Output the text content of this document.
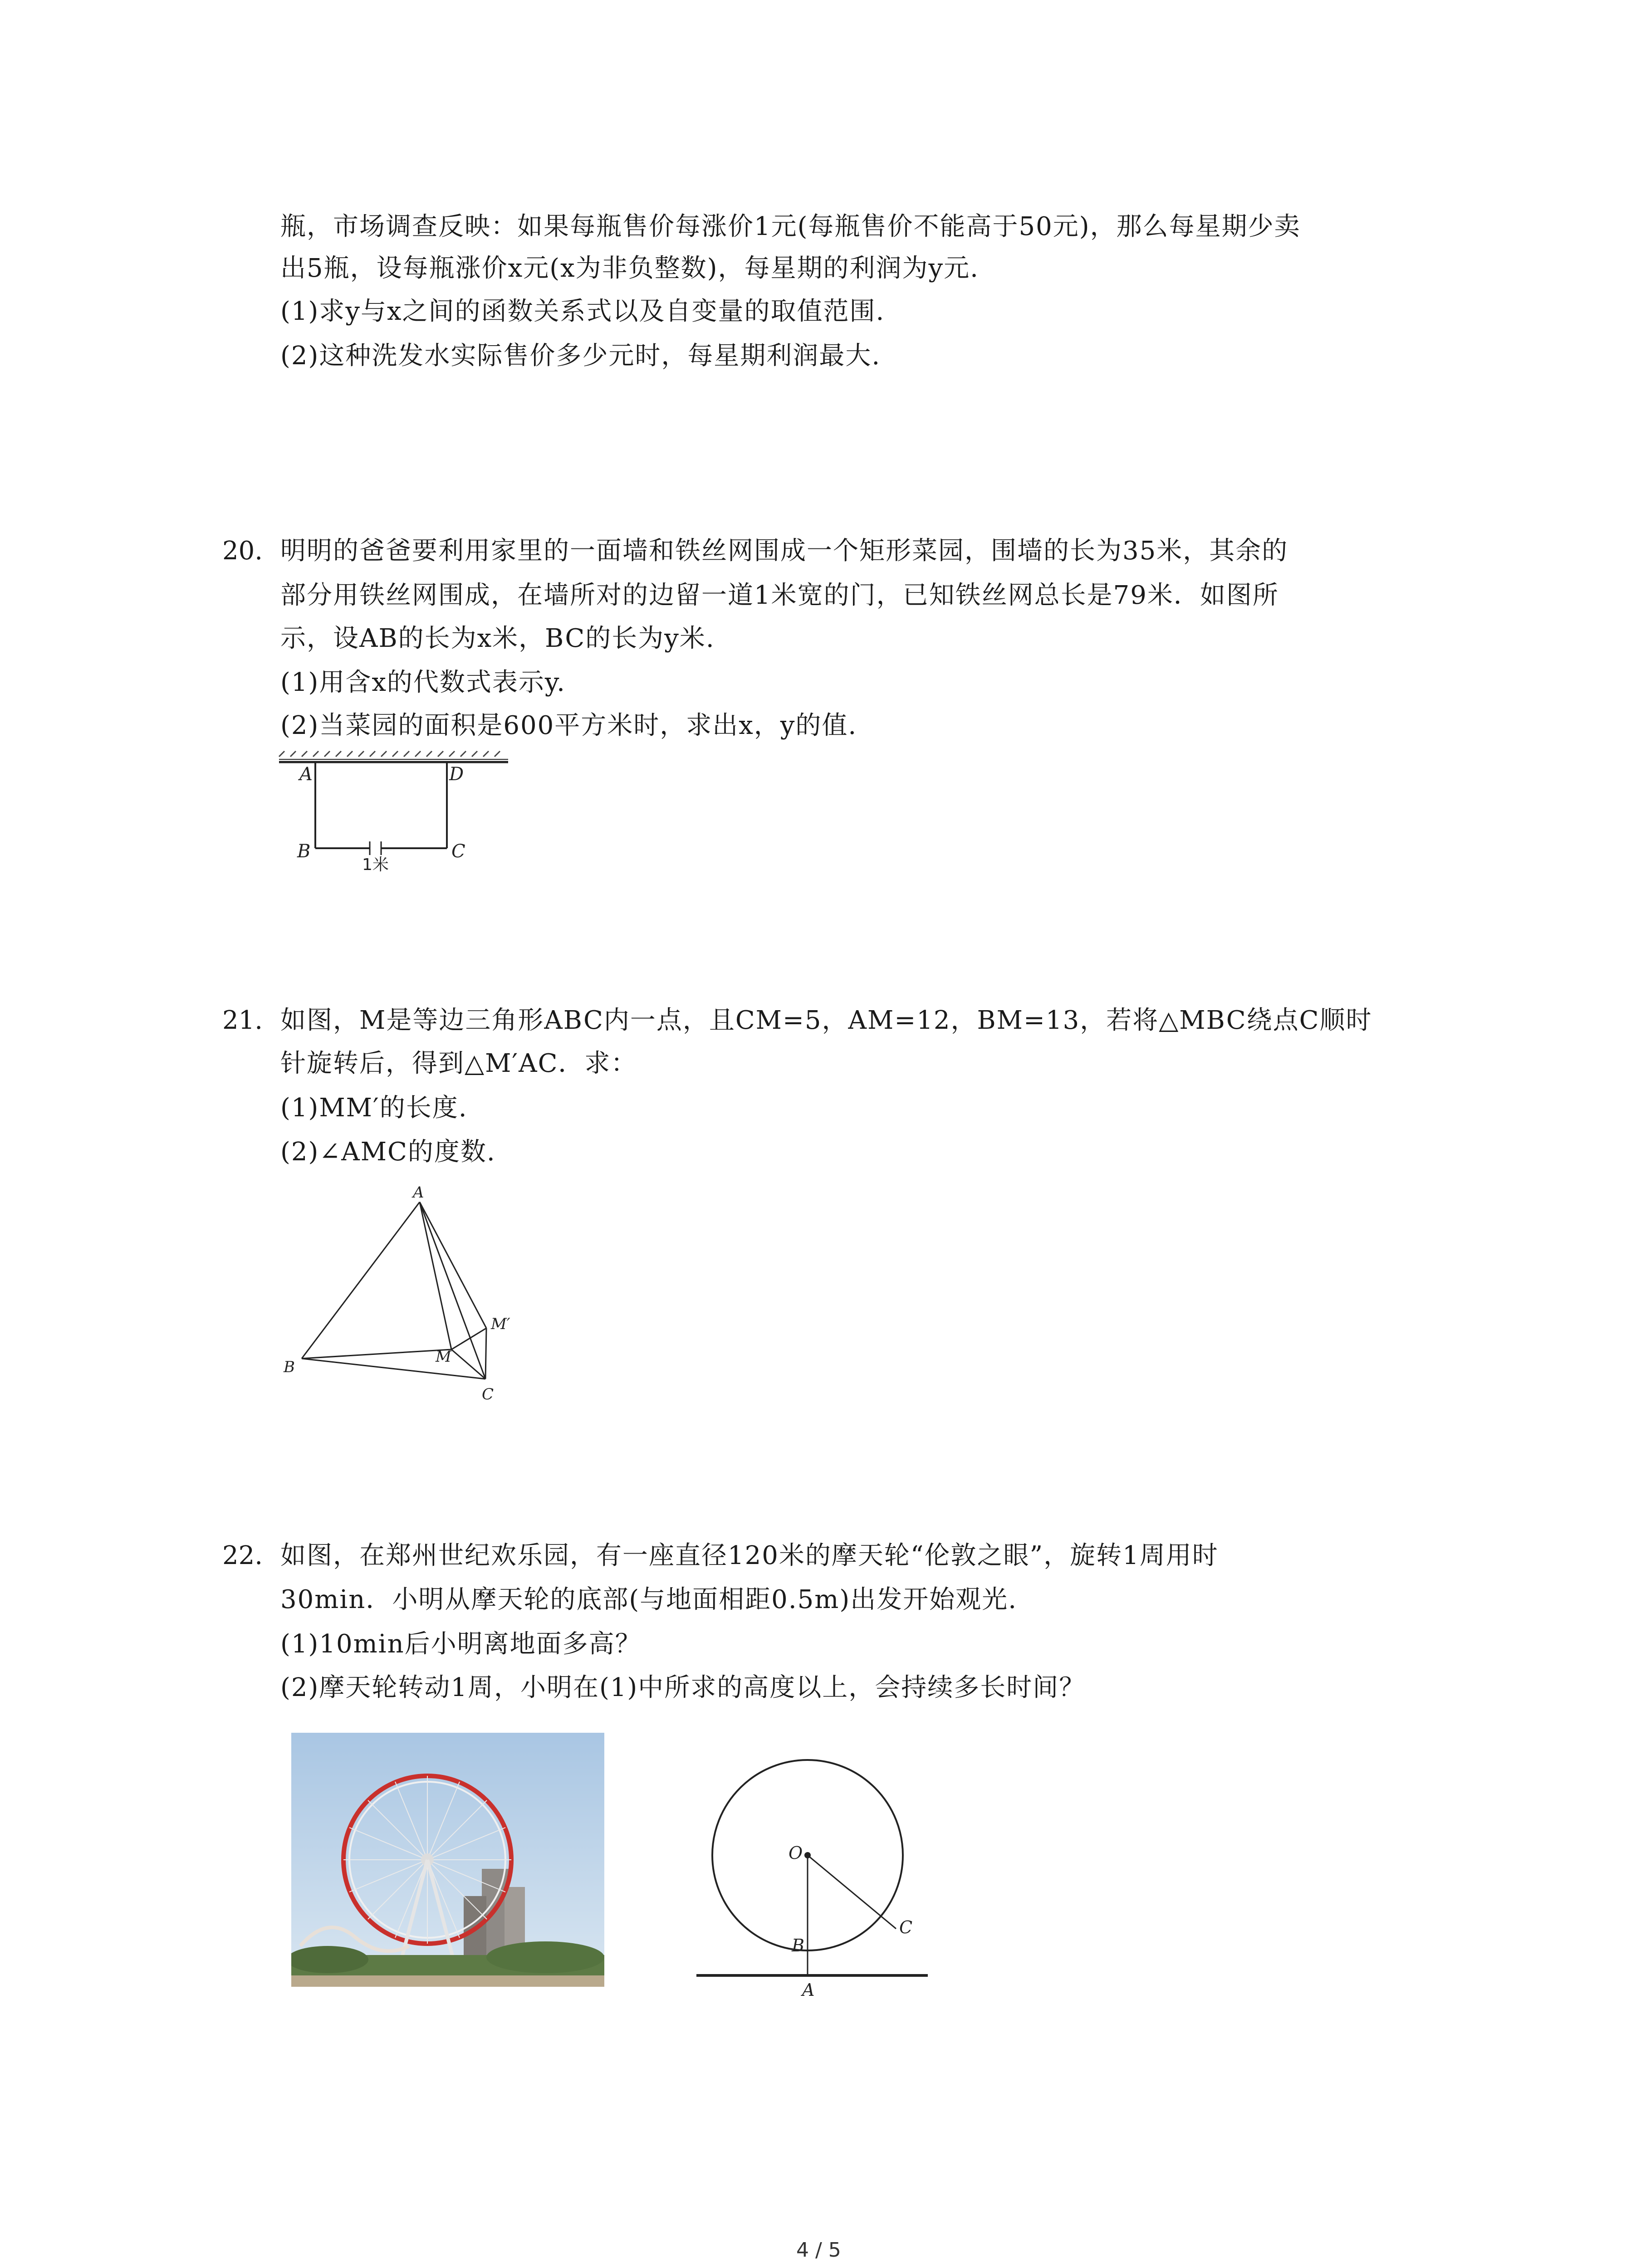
瓶，市场调查反映：如果每瓶售价每涨价1元(每瓶售价不能高于50元)，那么每星期少卖
出5瓶，设每瓶涨价x元(x为非负整数)，每星期的利润为y元.
(1)求y与x之间的函数关系式以及自变量的取值范围.
(2)这种洗发水实际售价多少元时，每星期利润最大.
20. 明明的爸爸要利用家里的一面墙和铁丝网围成一个矩形菜园，围墙的长为35米，其余的
部分用铁丝网围成，在墙所对的边留一道1米宽的门，已知铁丝网总长是79米．如图所
示，设AB的长为x米，BC的长为y米.
(1)用含x的代数式表示y.
(2)当菜园的面积是600平方米时，求出x，y的值.
A	D
B	C
1米
21. 如图，M是等边三角形ABC内一点，且CM=5，AM=12，BM=13，若将△MBC绕点C顺时
针旋转后，得到△M′AC．求：
(1)MM′的长度.
(2)∠AMC的度数.
A
B
C
M
M′
22. 如图，在郑州世纪欢乐园，有一座直径120米的摩天轮“伦敦之眼”，旋转1周用时
30min．小明从摩天轮的底部(与地面相距0.5m)出发开始观光.
(1)10min后小明离地面多高？
(2)摩天轮转动1周，小明在(1)中所求的高度以上，会持续多长时间？
O
B
C
A
4 / 5
